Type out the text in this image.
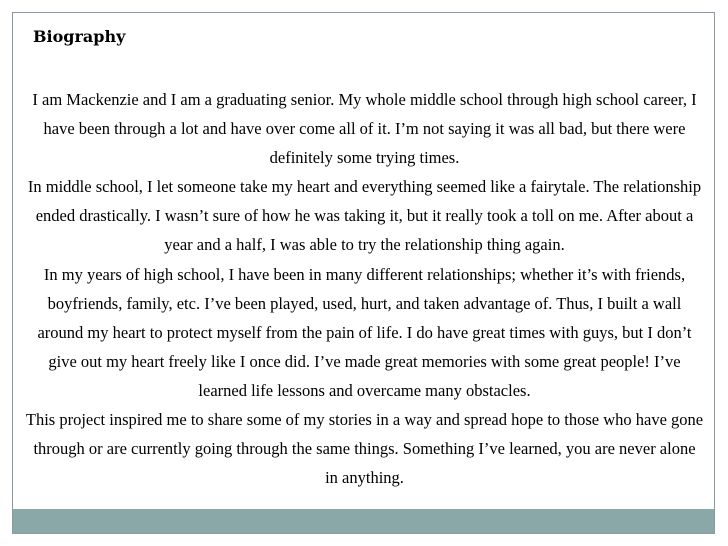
Biography

I am Mackenzie and I am a graduating senior. My whole middle school through high school career, I have been through a lot and have over come all of it. I’m not saying it was all bad, but there were definitely some trying times.

In middle school, I let someone take my heart and everything seemed like a fairytale. The relationship ended drastically. I wasn’t sure of how he was taking it, but it really took a toll on me. After about a year and a half, I was able to try the relationship thing again.

In my years of high school, I have been in many different relationships; whether it’s with friends, boyfriends, family, etc. I’ve been played, used, hurt, and taken advantage of. Thus, I built a wall around my heart to protect myself from the pain of life. I do have great times with guys, but I don’t give out my heart freely like I once did. I’ve made great memories with some great people! I’ve learned life lessons and overcame many obstacles.

This project inspired me to share some of my stories in a way and spread hope to those who have gone through or are currently going through the same things. Something I’ve learned, you are never alone in anything.
